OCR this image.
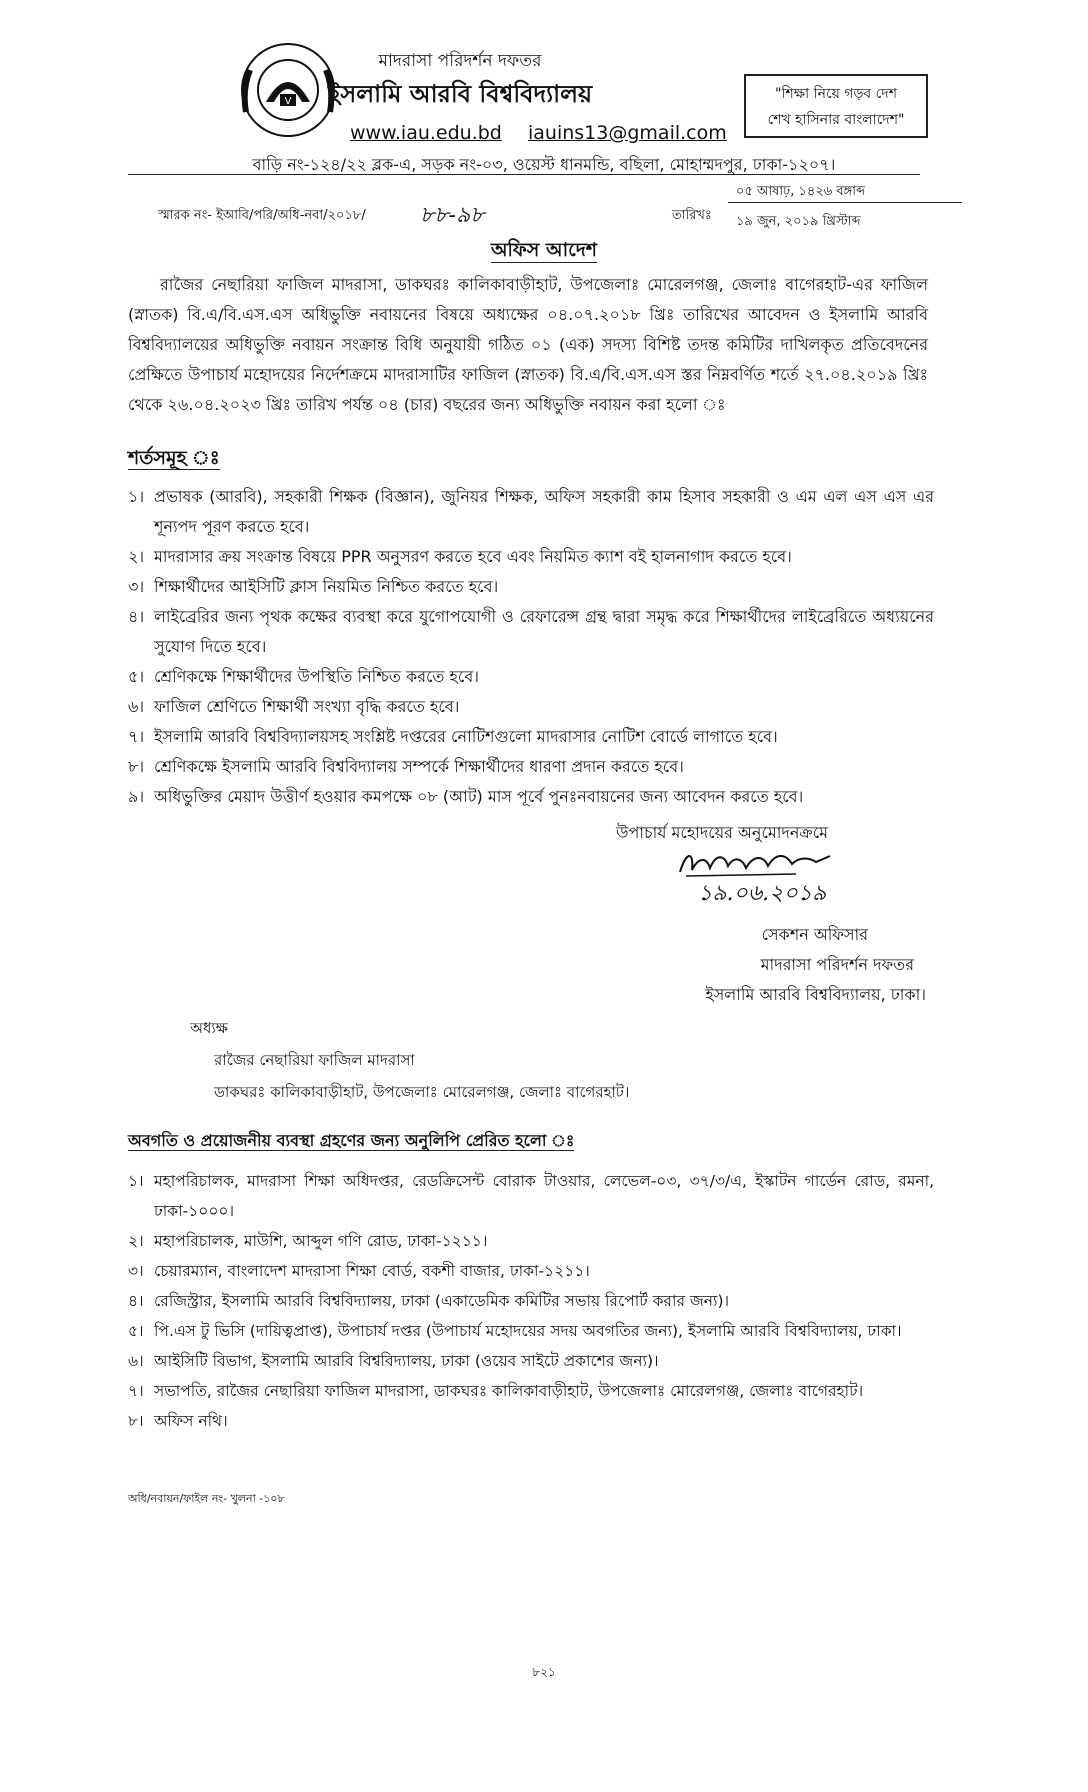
V
মাদরাসা পরিদর্শন দফতর
ইসলামি আরবি বিশ্ববিদ্যালয়
www.iau.edu.bd iauins13@gmail.com
বাড়ি নং-১২৪/২২ ব্লক-এ, সড়ক নং-০৩, ওয়েস্ট ধানমন্ডি, বছিলা, মোহাম্মদপুর, ঢাকা-১২০৭।
"শিক্ষা নিয়ে গড়ব দেশ
শেখ হাসিনার বাংলাদেশ"
স্মারক নং- ইআবি/পরি/অধি-নবা/২০১৮/ ৮৮-৯৮	তারিখঃ
০৫ আষাঢ়, ১৪২৬ বঙ্গাব্দ
১৯ জুন, ২০১৯ খ্রিস্টাব্দ
অফিস আদেশ
রাজৈর নেছারিয়া ফাজিল মাদরাসা, ডাকঘরঃ কালিকাবাড়ীহাট, উপজেলাঃ মোরেলগঞ্জ, জেলাঃ বাগেরহাট-এর ফাজিল (স্নাতক) বি.এ/বি.এস.এস অধিভুক্তি নবায়নের বিষয়ে অধ্যক্ষের ০৪.০৭.২০১৮ খ্রিঃ তারিখের আবেদন ও ইসলামি আরবি বিশ্ববিদ্যালয়ের অধিভুক্তি নবায়ন সংক্রান্ত বিধি অনুযায়ী গঠিত ০১ (এক) সদস্য বিশিষ্ট তদন্ত কমিটির দাখিলকৃত প্রতিবেদনের প্রেক্ষিতে উপাচার্য মহোদয়ের নির্দেশক্রমে মাদরাসাটির ফাজিল (স্নাতক) বি.এ/বি.এস.এস স্তর নিম্নবর্ণিত শর্তে ২৭.০৪.২০১৯ খ্রিঃ থেকে ২৬.০৪.২০২৩ খ্রিঃ তারিখ পর্যন্ত ০৪ (চার) বছরের জন্য অধিভুক্তি নবায়ন করা হলো ঃ
শর্তসমূহ ঃ
১। প্রভাষক (আরবি), সহকারী শিক্ষক (বিজ্ঞান), জুনিয়র শিক্ষক, অফিস সহকারী কাম হিসাব সহকারী ও এম এল এস এস এর শূন্যপদ পূরণ করতে হবে।
২। মাদরাসার ক্রয় সংক্রান্ত বিষয়ে PPR অনুসরণ করতে হবে এবং নিয়মিত ক্যাশ বই হালনাগাদ করতে হবে।
৩। শিক্ষার্থীদের আইসিটি ক্লাস নিয়মিত নিশ্চিত করতে হবে।
৪। লাইব্রেরির জন্য পৃথক কক্ষের ব্যবস্থা করে যুগোপযোগী ও রেফারেন্স গ্রন্থ দ্বারা সমৃদ্ধ করে শিক্ষার্থীদের লাইব্রেরিতে অধ্যয়নের সুযোগ দিতে হবে।
৫। শ্রেণিকক্ষে শিক্ষার্থীদের উপস্থিতি নিশ্চিত করতে হবে।
৬। ফাজিল শ্রেণিতে শিক্ষার্থী সংখ্যা বৃদ্ধি করতে হবে।
৭। ইসলামি আরবি বিশ্ববিদ্যালয়সহ সংশ্লিষ্ট দপ্তরের নোটিশগুলো মাদরাসার নোটিশ বোর্ডে লাগাতে হবে।
৮। শ্রেণিকক্ষে ইসলামি আরবি বিশ্ববিদ্যালয় সম্পর্কে শিক্ষার্থীদের ধারণা প্রদান করতে হবে।
৯। অধিভুক্তির মেয়াদ উত্তীর্ণ হওয়ার কমপক্ষে ০৮ (আট) মাস পূর্বে পুনঃনবায়নের জন্য আবেদন করতে হবে।
উপাচার্য মহোদয়ের অনুমোদনক্রমে
১৯.০৬.২০১৯
সেকশন অফিসার
মাদরাসা পরিদর্শন দফতর
ইসলামি আরবি বিশ্ববিদ্যালয়, ঢাকা।
অধ্যক্ষ
রাজৈর নেছারিয়া ফাজিল মাদরাসা
ডাকঘরঃ কালিকাবাড়ীহাট, উপজেলাঃ মোরেলগঞ্জ, জেলাঃ বাগেরহাট।
অবগতি ও প্রয়োজনীয় ব্যবস্থা গ্রহণের জন্য অনুলিপি প্রেরিত হলো ঃ
১। মহাপরিচালক, মাদরাসা শিক্ষা অধিদপ্তর, রেডক্রিসেন্ট বোরাক টাওয়ার, লেভেল-০৩, ৩৭/৩/এ, ইস্কাটন গার্ডেন রোড, রমনা, ঢাকা-১০০০।
২। মহাপরিচালক, মাউশি, আব্দুল গণি রোড, ঢাকা-১২১১।
৩। চেয়ারম্যান, বাংলাদেশ মাদরাসা শিক্ষা বোর্ড, বকশী বাজার, ঢাকা-১২১১।
৪। রেজিস্ট্রার, ইসলামি আরবি বিশ্ববিদ্যালয়, ঢাকা (একাডেমিক কমিটির সভায় রিপোর্ট করার জন্য)।
৫। পি.এস টু ভিসি (দায়িত্বপ্রাপ্ত), উপাচার্য দপ্তর (উপাচার্য মহোদয়ের সদয় অবগতির জন্য), ইসলামি আরবি বিশ্ববিদ্যালয়, ঢাকা।
৬। আইসিটি বিভাগ, ইসলামি আরবি বিশ্ববিদ্যালয়, ঢাকা (ওয়েব সাইটে প্রকাশের জন্য)।
৭। সভাপতি, রাজৈর নেছারিয়া ফাজিল মাদরাসা, ডাকঘরঃ কালিকাবাড়ীহাট, উপজেলাঃ মোরেলগঞ্জ, জেলাঃ বাগেরহাট।
৮। অফিস নথি।
অধি/নবায়ন/ফাইল নং- খুলনা -১০৮
৮২১
